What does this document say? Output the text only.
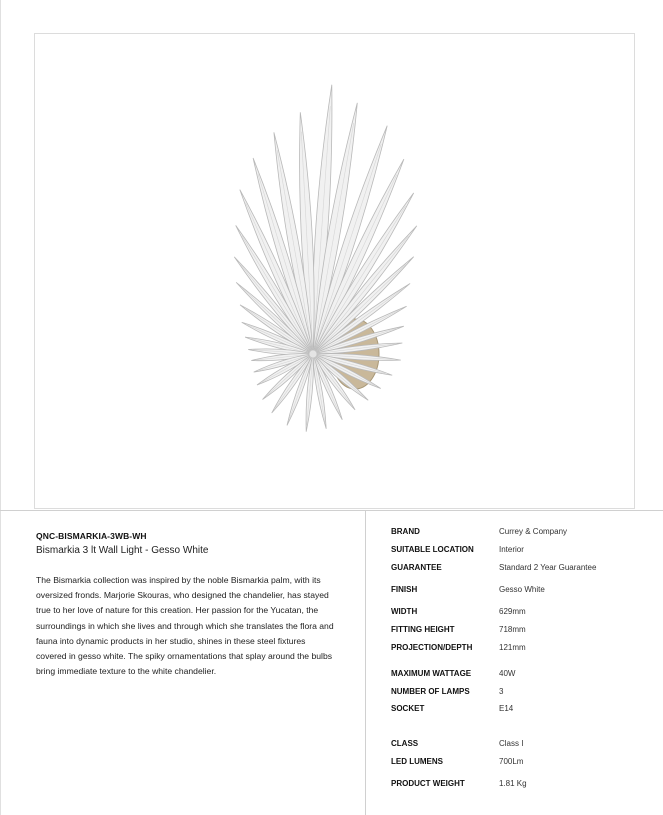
QNC-BISMARKIA-3WB-WH
Bismarkia 3 lt Wall Light - Gesso White
The Bismarkia collection was inspired by the noble Bismarkia palm, with its oversized fronds. Marjorie Skouras, who designed the chandelier, has stayed true to her love of nature for this creation. Her passion for the Yucatan, the surroundings in which she lives and through which she translates the flora and fauna into dynamic products in her studio, shines in these steel fixtures covered in gesso white. The spiky ornamentations that splay around the bulbs bring immediate texture to the white chandelier.
BRAND	Currey & Company
SUITABLE LOCATION	Interior
GUARANTEE	Standard 2 Year Guarantee
FINISH	Gesso White
WIDTH	629mm
FITTING HEIGHT	718mm
PROJECTION/DEPTH	121mm
MAXIMUM WATTAGE	40W
NUMBER OF LAMPS	3
SOCKET	E14
CLASS	Class I
LED LUMENS	700Lm
PRODUCT WEIGHT	1.81 Kg
